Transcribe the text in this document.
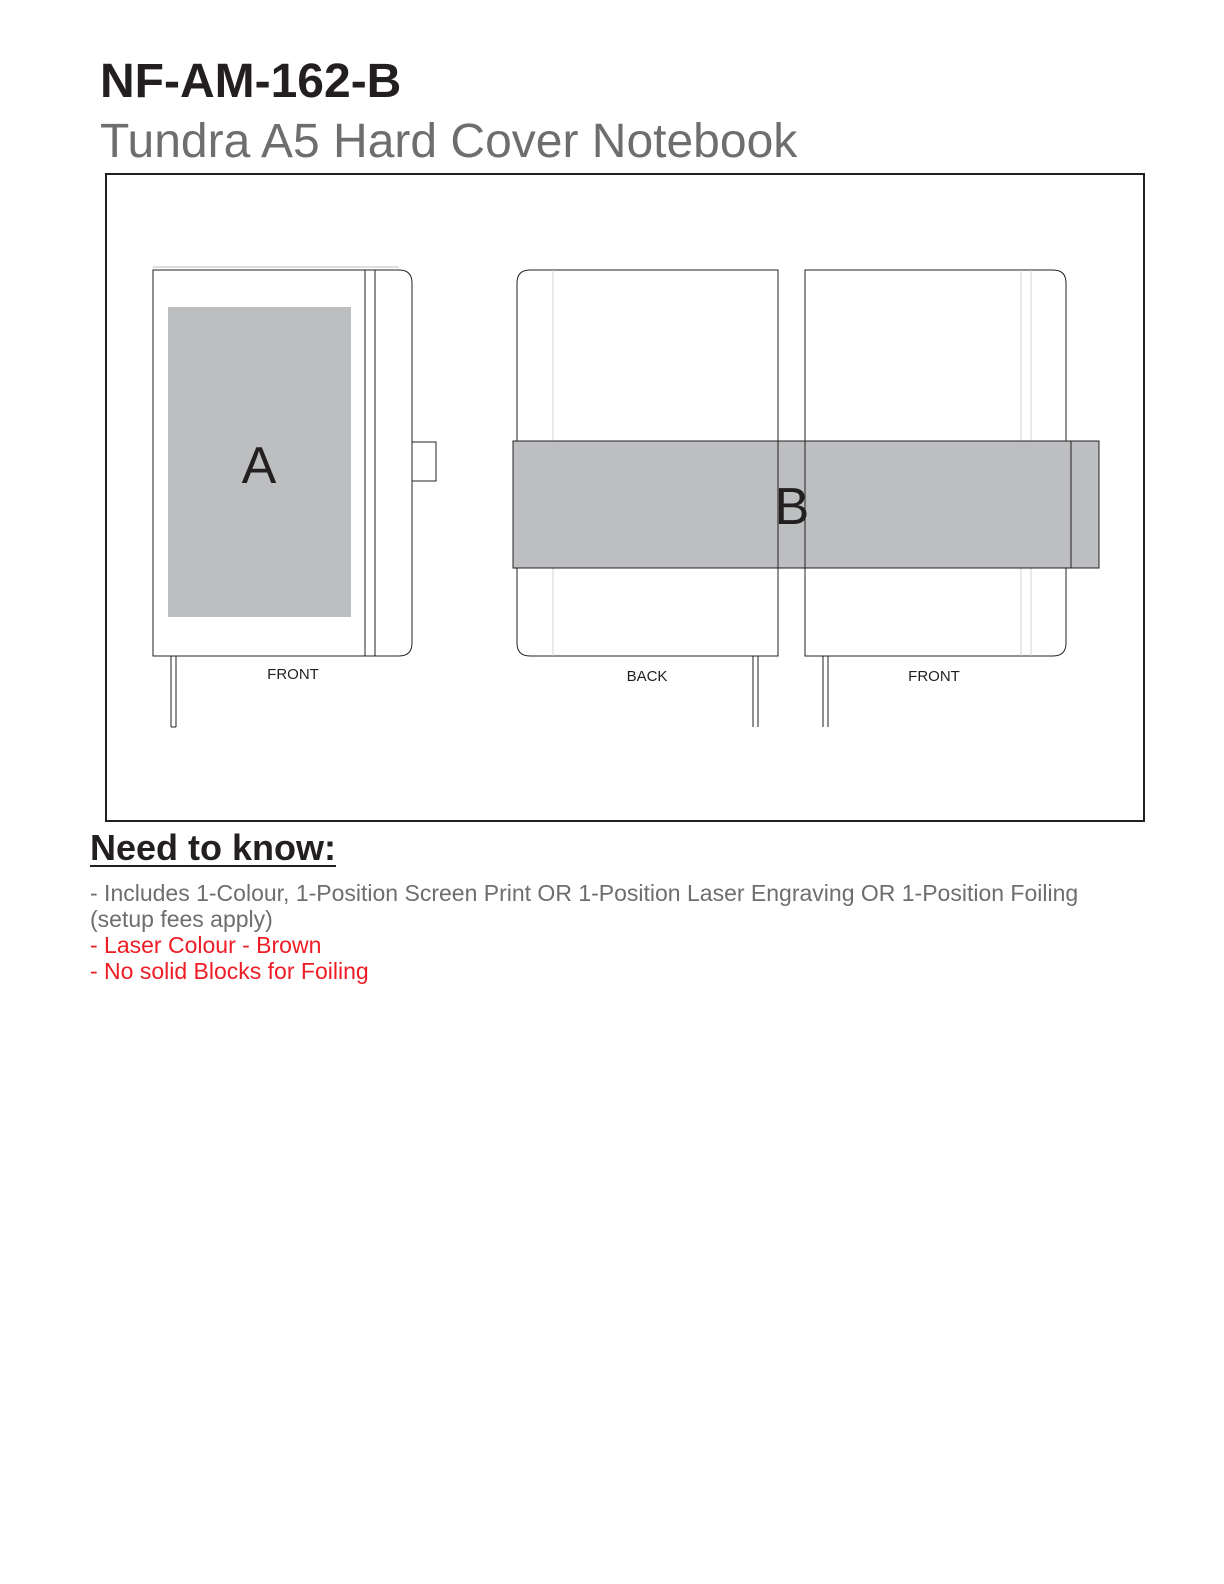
NF-AM-162-B
Tundra A5 Hard Cover Notebook
A
B
FRONT	BACK	FRONT
Need to know:
- Includes 1-Colour, 1-Position Screen Print OR 1-Position Laser Engraving OR 1-Position Foiling (setup fees apply)
- Laser Colour - Brown
- No solid Blocks for Foiling
